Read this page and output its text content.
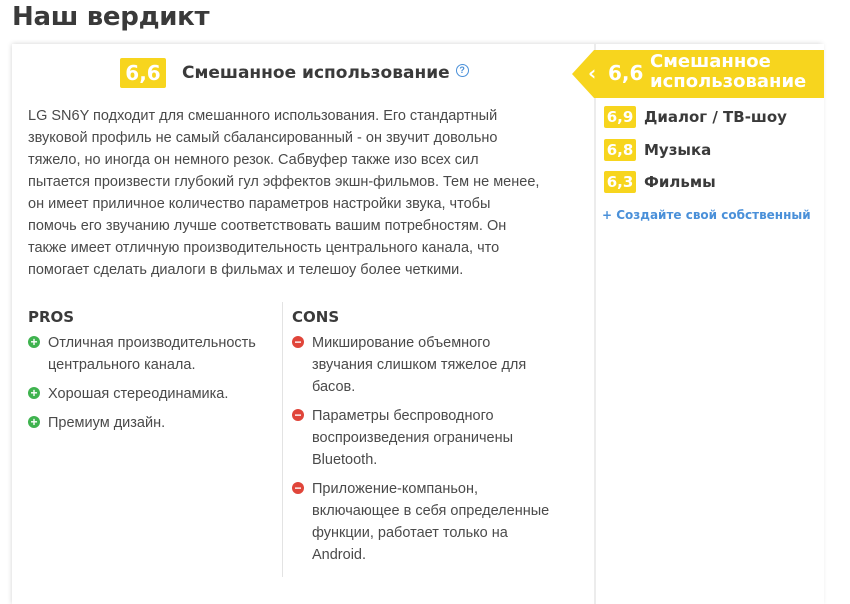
Наш вердикт
6,6	Смешанное использование	?

LG SN6Y подходит для смешанного использования. Его стандартный звуковой профиль не самый сбалансированный - он звучит довольно тяжело, но иногда он немного резок. Сабвуфер также изо всех сил пытается произвести глубокий гул эффектов экшн-фильмов. Тем не менее, он имеет приличное количество параметров настройки звука, чтобы помочь его звучанию лучше соответствовать вашим потребностям. Он также имеет отличную производительность центрального канала, что помогает сделать диалоги в фильмах и телешоу более четкими.

PROS
+ Отличная производительность центрального канала.
+ Хорошая стереодинамика.
+ Премиум дизайн.
CONS
− Микширование объемного звучания слишком тяжелое для басов.
− Параметры беспроводного воспроизведения ограничены Bluetooth.
− Приложение-компаньон, включающее в себя определенные функции, работает только на Android.
‹ 6,6 Смешанное использование
6,9 Диалог / ТВ-шоу
6,8 Музыка
6,3 Фильмы
+ Создайте свой собственный
